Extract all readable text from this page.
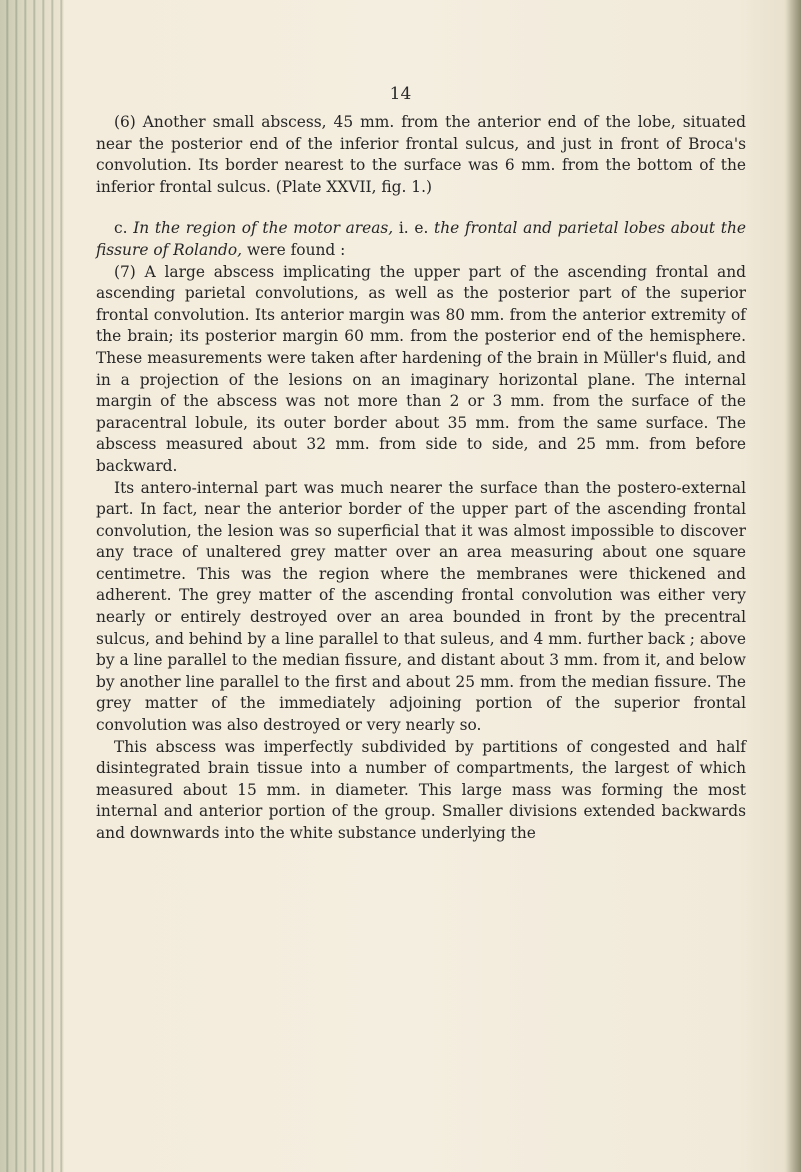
14

(6) Another small abscess, 45 mm. from the anterior end of the lobe, situated near the posterior end of the inferior frontal sulcus, and just in front of Broca's convolution. Its border nearest to the surface was 6 mm. from the bottom of the inferior frontal sulcus. (Plate XXVII, fig. 1.)

c. In the region of the motor areas, i. e. the frontal and parietal lobes about the fissure of Rolando, were found :

(7) A large abscess implicating the upper part of the ascending frontal and ascending parietal convolutions, as well as the posterior part of the superior frontal convolution. Its anterior margin was 80 mm. from the anterior extremity of the brain; its posterior margin 60 mm. from the posterior end of the hemisphere. These measurements were taken after hardening of the brain in Müller's fluid, and in a projection of the lesions on an imaginary horizontal plane. The internal margin of the abscess was not more than 2 or 3 mm. from the surface of the paracentral lobule, its outer border about 35 mm. from the same surface. The abscess measured about 32 mm. from side to side, and 25 mm. from before backward.

Its antero-internal part was much nearer the surface than the postero-external part. In fact, near the anterior border of the upper part of the ascending frontal convolution, the lesion was so superficial that it was almost impossible to discover any trace of unaltered grey matter over an area measuring about one square centimetre. This was the region where the membranes were thickened and adherent. The grey matter of the ascending frontal convolution was either very nearly or entirely destroyed over an area bounded in front by the precentral sulcus, and behind by a line parallel to that suleus, and 4 mm. further back ; above by a line parallel to the median fissure, and distant about 3 mm. from it, and below by another line parallel to the first and about 25 mm. from the median fissure. The grey matter of the immediately adjoining portion of the superior frontal convolution was also destroyed or very nearly so.

This abscess was imperfectly subdivided by partitions of congested and half disintegrated brain tissue into a number of compartments, the largest of which measured about 15 mm. in diameter. This large mass was forming the most internal and anterior portion of the group. Smaller divisions extended backwards and downwards into the white substance underlying the
